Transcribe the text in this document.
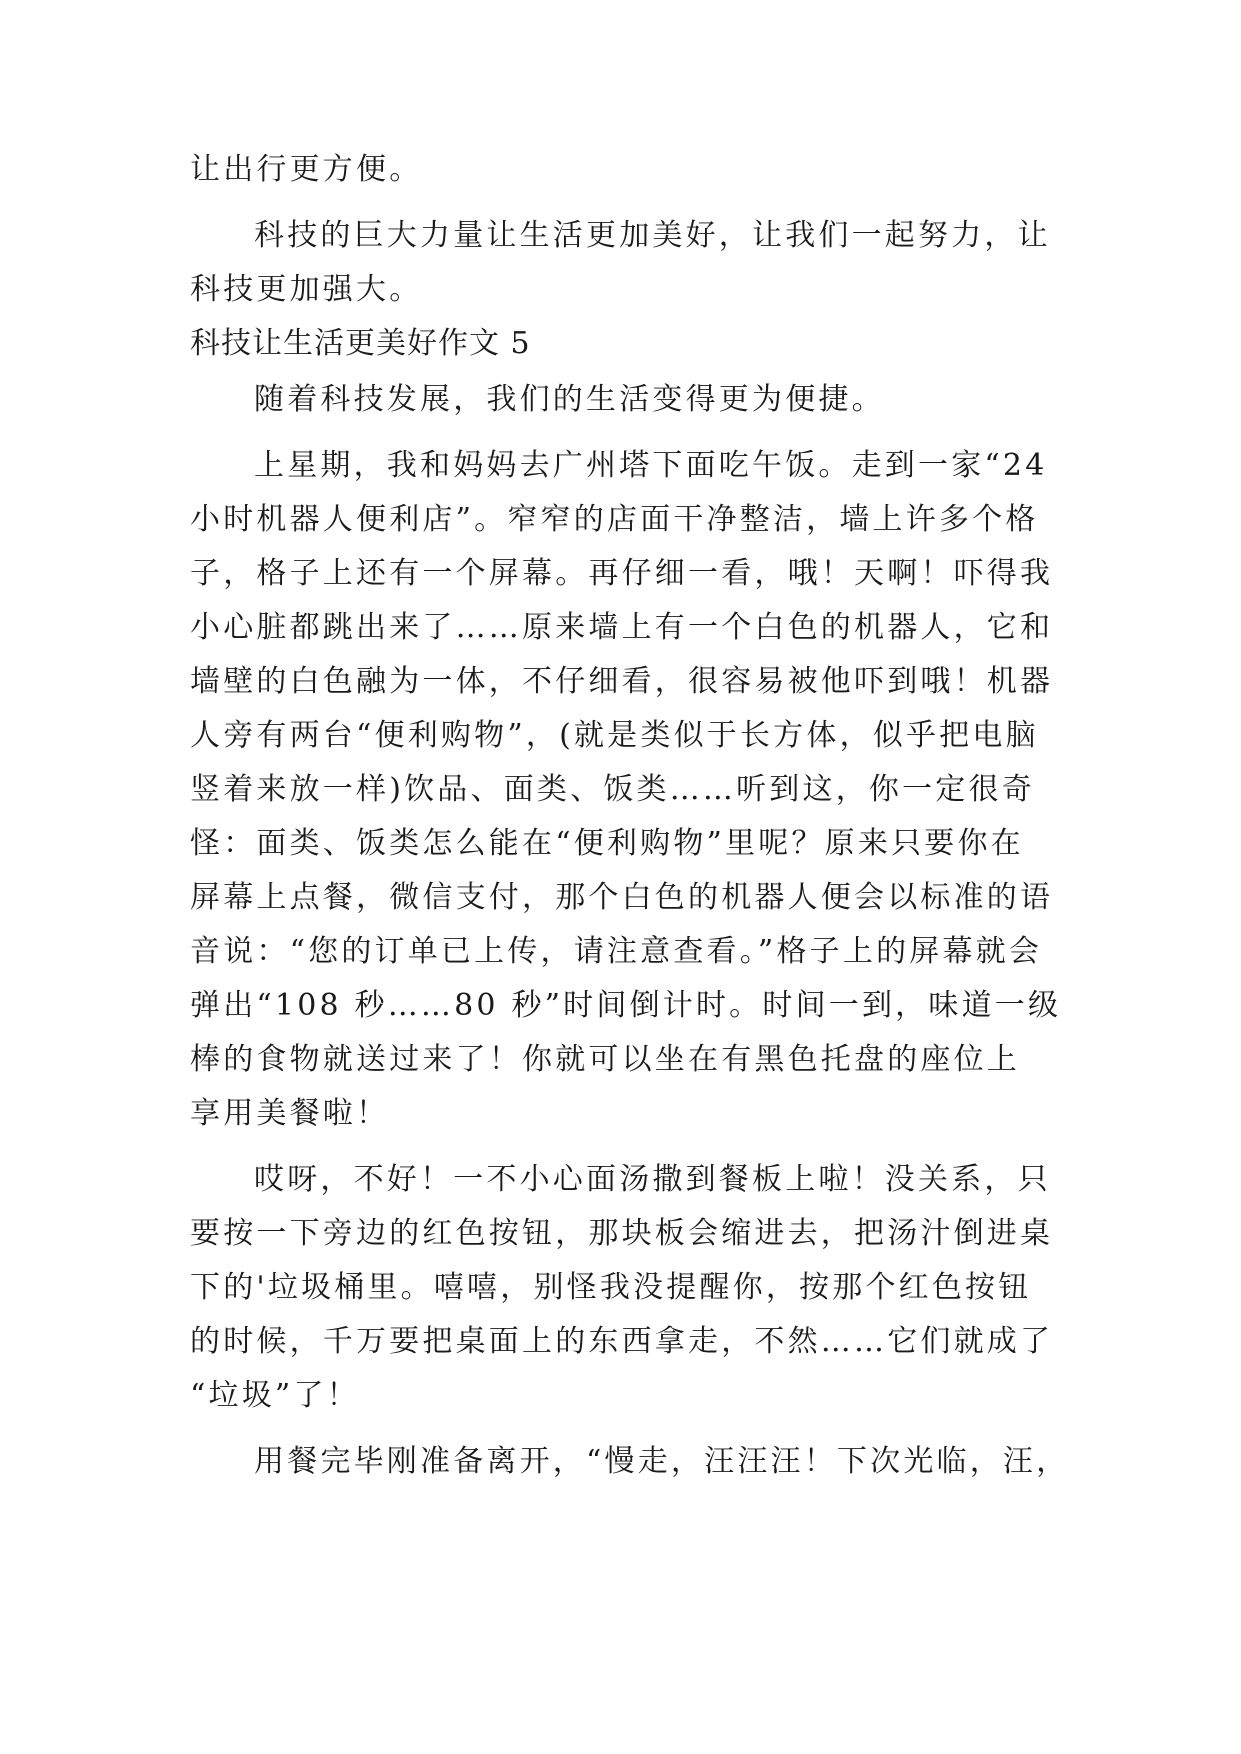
让出行更方便。
科技的巨大力量让生活更加美好，让我们一起努力，让
科技更加强大。
科技让生活更美好作文 5
随着科技发展，我们的生活变得更为便捷。
上星期，我和妈妈去广州塔下面吃午饭。走到一家“24
小时机器人便利店”。窄窄的店面干净整洁，墙上许多个格
子，格子上还有一个屏幕。再仔细一看，哦！天啊！吓得我
小心脏都跳出来了……原来墙上有一个白色的机器人，它和
墙壁的白色融为一体，不仔细看，很容易被他吓到哦！机器
人旁有两台“便利购物”，(就是类似于长方体，似乎把电脑
竖着来放一样)饮品、面类、饭类……听到这，你一定很奇
怪：面类、饭类怎么能在“便利购物”里呢？原来只要你在
屏幕上点餐，微信支付，那个白色的机器人便会以标准的语
音说：“您的订单已上传，请注意查看。”格子上的屏幕就会
弹出“108 秒……80 秒”时间倒计时。时间一到，味道一级
棒的食物就送过来了！你就可以坐在有黑色托盘的座位上
享用美餐啦！
哎呀，不好！一不小心面汤撒到餐板上啦！没关系，只
要按一下旁边的红色按钮，那块板会缩进去，把汤汁倒进桌
下的'垃圾桶里。嘻嘻，别怪我没提醒你，按那个红色按钮
的时候，千万要把桌面上的东西拿走，不然……它们就成了
“垃圾”了！
用餐完毕刚准备离开，“慢走，汪汪汪！下次光临，汪，
